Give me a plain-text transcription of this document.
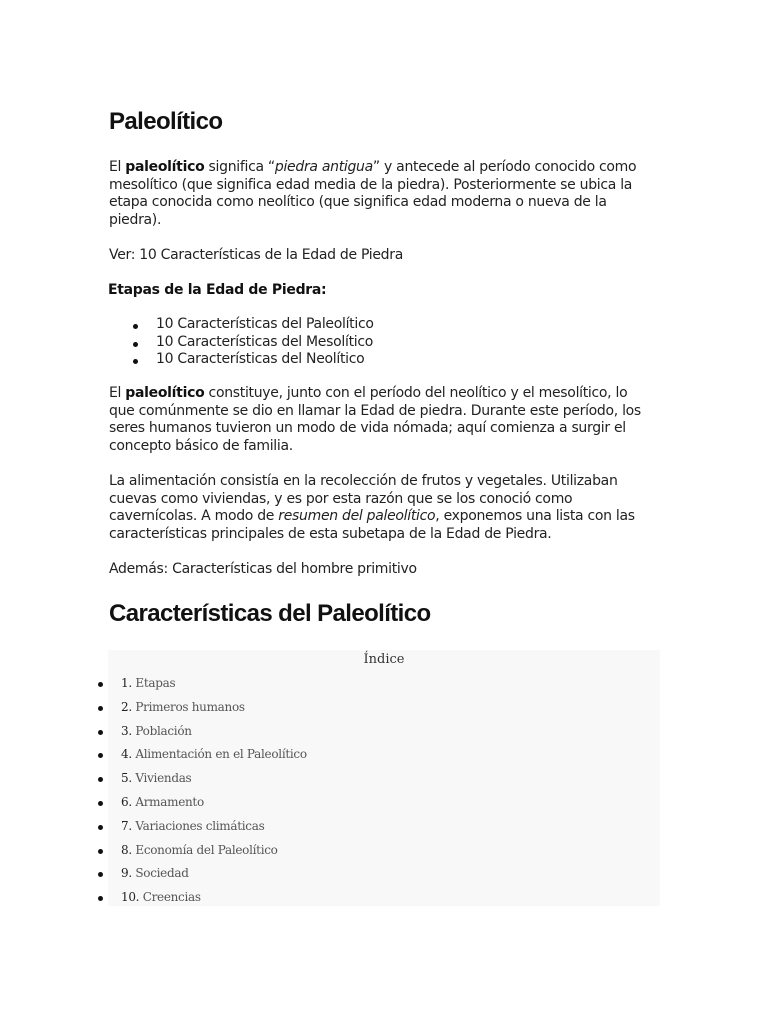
Paleolítico

El paleolítico significa “piedra antigua” y antecede al período conocido como mesolítico (que significa edad media de la piedra). Posteriormente se ubica la etapa conocida como neolítico (que significa edad moderna o nueva de la piedra).

Ver: 10 Características de la Edad de Piedra

Etapas de la Edad de Piedra:

10 Características del Paleolítico
10 Características del Mesolítico
10 Características del Neolítico

El paleolítico constituye, junto con el período del neolítico y el mesolítico, lo que comúnmente se dio en llamar la Edad de piedra. Durante este período, los seres humanos tuvieron un modo de vida nómada; aquí comienza a surgir el concepto básico de familia.

La alimentación consistía en la recolección de frutos y vegetales. Utilizaban cuevas como viviendas, y es por esta razón que se los conoció como cavernícolas. A modo de resumen del paleolítico, exponemos una lista con las características principales de esta subetapa de la Edad de Piedra.

Además: Características del hombre primitivo

Características del Paleolítico
Índice
1. Etapas
2. Primeros humanos
3. Población
4. Alimentación en el Paleolítico
5. Viviendas
6. Armamento
7. Variaciones climáticas
8. Economía del Paleolítico
9. Sociedad
10. Creencias
